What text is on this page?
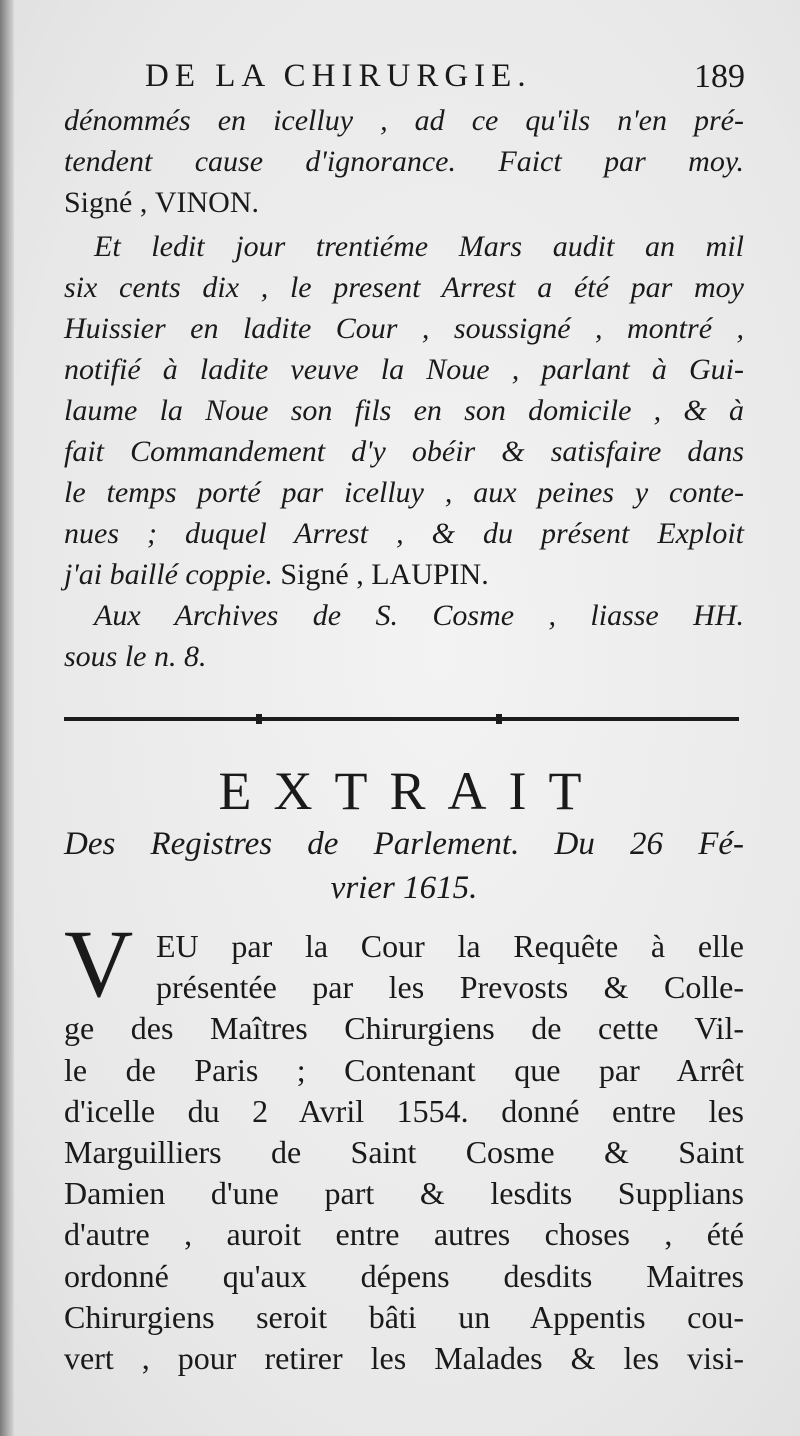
DE LA CHIRURGIE.	189
dénommés en icelluy , ad ce qu'ils n'en pré-
tendent cause d'ignorance. Faict par moy.
Signé , VINON.
Et ledit jour trentiéme Mars audit an mil
six cents dix , le present Arrest a été par moy
Huissier en ladite Cour , soussigné , montré ,
notifié à ladite veuve la Noue , parlant à Gui-
laume la Noue son fils en son domicile , & à
fait Commandement d'y obéir & satisfaire dans
le temps porté par icelluy , aux peines y conte-
nues ; duquel Arrest , & du présent Exploit
j'ai baillé coppie. Signé , LAUPIN.
Aux Archives de S. Cosme , liasse HH.
sous le n. 8.
EXTRAIT
Des Registres de Parlement. Du 26 Fé-
vrier 1615.
V EU par la Cour la Requête à elle
présentée par les Prevosts & Colle-
ge des Maîtres Chirurgiens de cette Vil-
le de Paris ; Contenant que par Arrêt
d'icelle du 2 Avril 1554. donné entre les
Marguilliers de Saint Cosme & Saint
Damien d'une part & lesdits Supplians
d'autre , auroit entre autres choses , été
ordonné qu'aux dépens desdits Maitres
Chirurgiens seroit bâti un Appentis cou-
vert , pour retirer les Malades & les visi-
